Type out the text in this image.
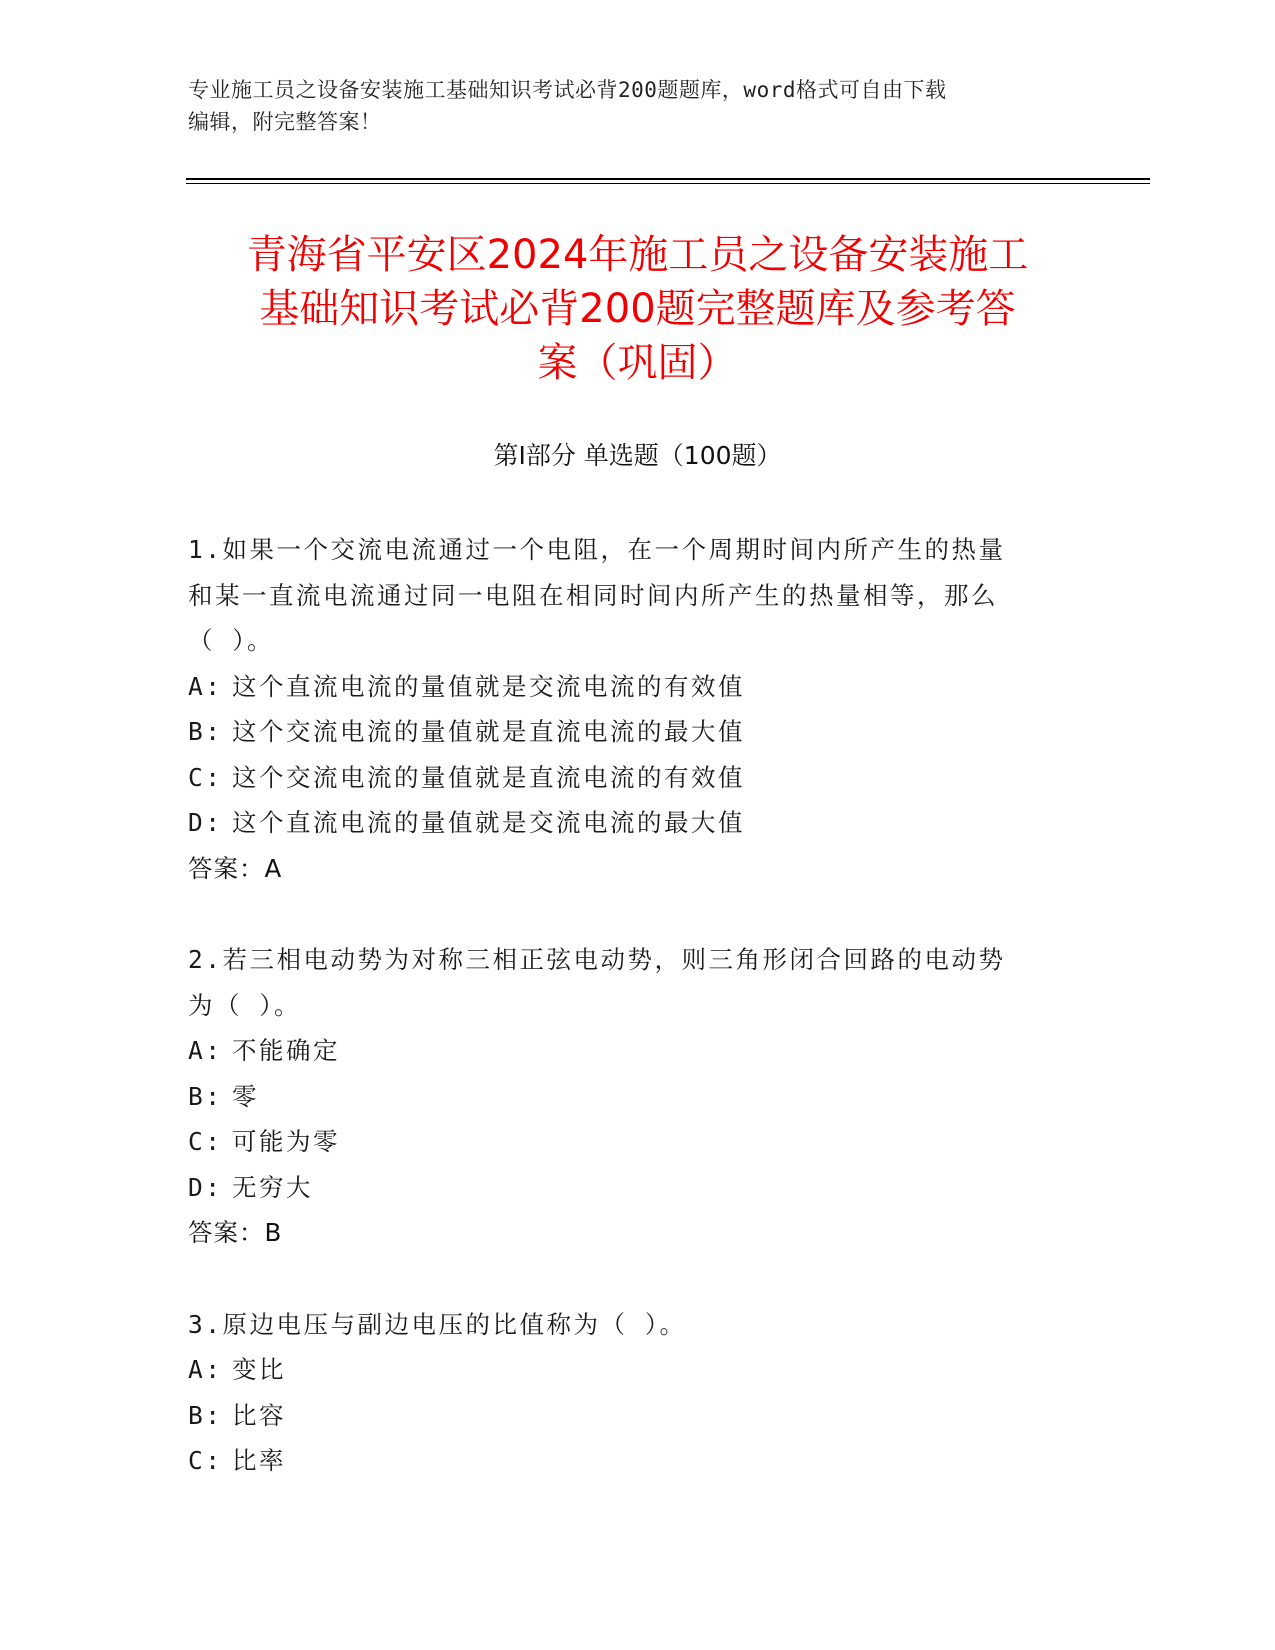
专业施工员之设备安装施工基础知识考试必背200题题库，word格式可自由下载
编辑，附完整答案！
青海省平安区2024年施工员之设备安装施工
基础知识考试必背200题完整题库及参考答
案（巩固）
第Ⅰ部分 单选题（100题）

1.如果一个交流电流通过一个电阻，在一个周期时间内所产生的热量

和某一直流电流通过同一电阻在相同时间内所产生的热量相等，那么

（ ）。

A: 这个直流电流的量值就是交流电流的有效值

B: 这个交流电流的量值就是直流电流的最大值

C: 这个交流电流的量值就是直流电流的有效值

D: 这个直流电流的量值就是交流电流的最大值

答案：A

2.若三相电动势为对称三相正弦电动势，则三角形闭合回路的电动势

为（ ）。

A: 不能确定

B: 零

C: 可能为零

D: 无穷大

答案：B

3.原边电压与副边电压的比值称为（ ）。

A: 变比

B: 比容

C: 比率
